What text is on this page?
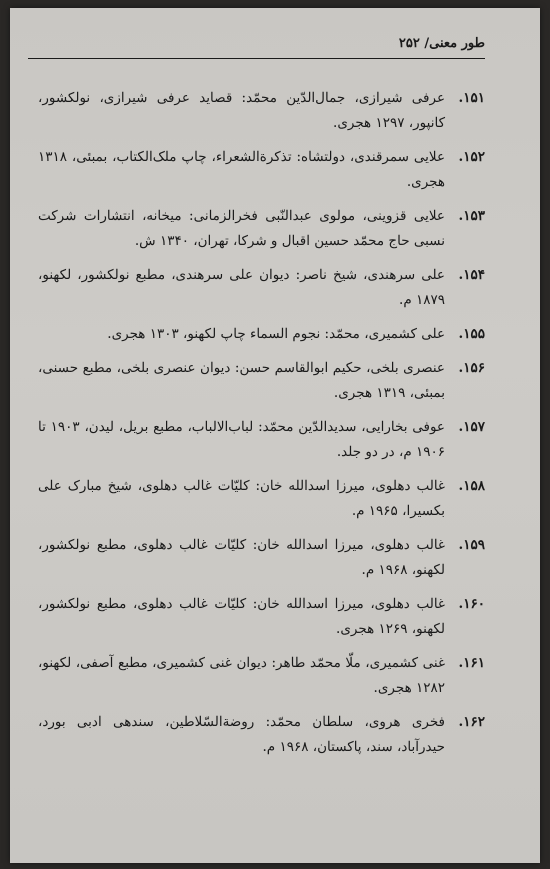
طور معنی/ ۲۵۲
۱۵۱.
عرفی شیرازی، جمال‌الدّین محمّد: قصاید عرفی شیرازی، نولکشور، کانپور، ۱۲۹۷ هجری.
۱۵۲.
علایی سمرقندی، دولتشاه: تذکرة‌الشعراء، چاپ ملک‌الکتاب، بمبئی، ۱۳۱۸ هجری.
۱۵۳.
علایی قزوینی، مولوی عبدالنّبی فخرالزمانی: میخانه، انتشارات شرکت نسبی حاج محمّد حسین اقبال و شرکا، تهران، ۱۳۴۰ ش.
۱۵۴.
علی سرهندی، شیخ ناصر: دیوان علی سرهندی، مطبع نولکشور، لکهنو، ۱۸۷۹ م.
۱۵۵.
علی کشمیری، محمّد: نجوم السماء چاپ لکهنو، ۱۳۰۳ هجری.
۱۵۶.
عنصری بلخی، حکیم ابوالقاسم حسن: دیوان عنصری بلخی، مطبع حسنی، بمبئی، ۱۳۱۹ هجری.
۱۵۷.
عوفی بخارایی، سدیدالدّین محمّد: لباب‌الالباب، مطبع بریل، لیدن، ۱۹۰۳ تا ۱۹۰۶ م، در دو جلد.
۱۵۸.
غالب دهلوی، میرزا اسدالله خان: کلیّات غالب دهلوی، شیخ مبارک علی بکسیرا، ۱۹۶۵ م.
۱۵۹.
غالب دهلوی، میرزا اسدالله خان: کلیّات غالب دهلوی، مطبع نولکشور، لکهنو، ۱۹۶۸ م.
۱۶۰.
غالب دهلوی، میرزا اسدالله خان: کلیّات غالب دهلوی، مطبع نولکشور، لکهنو، ۱۲۶۹ هجری.
۱۶۱.
غنی کشمیری، ملّا محمّد طاهر: دیوان غنی کشمیری، مطبع آصفی، لکهنو، ۱۲۸۲ هجری.
۱۶۲.
فخری هروی، سلطان محمّد: روضة‌السّلاطین، سندهی ادبی بورد، حیدرآباد، سند، پاکستان، ۱۹۶۸ م.
